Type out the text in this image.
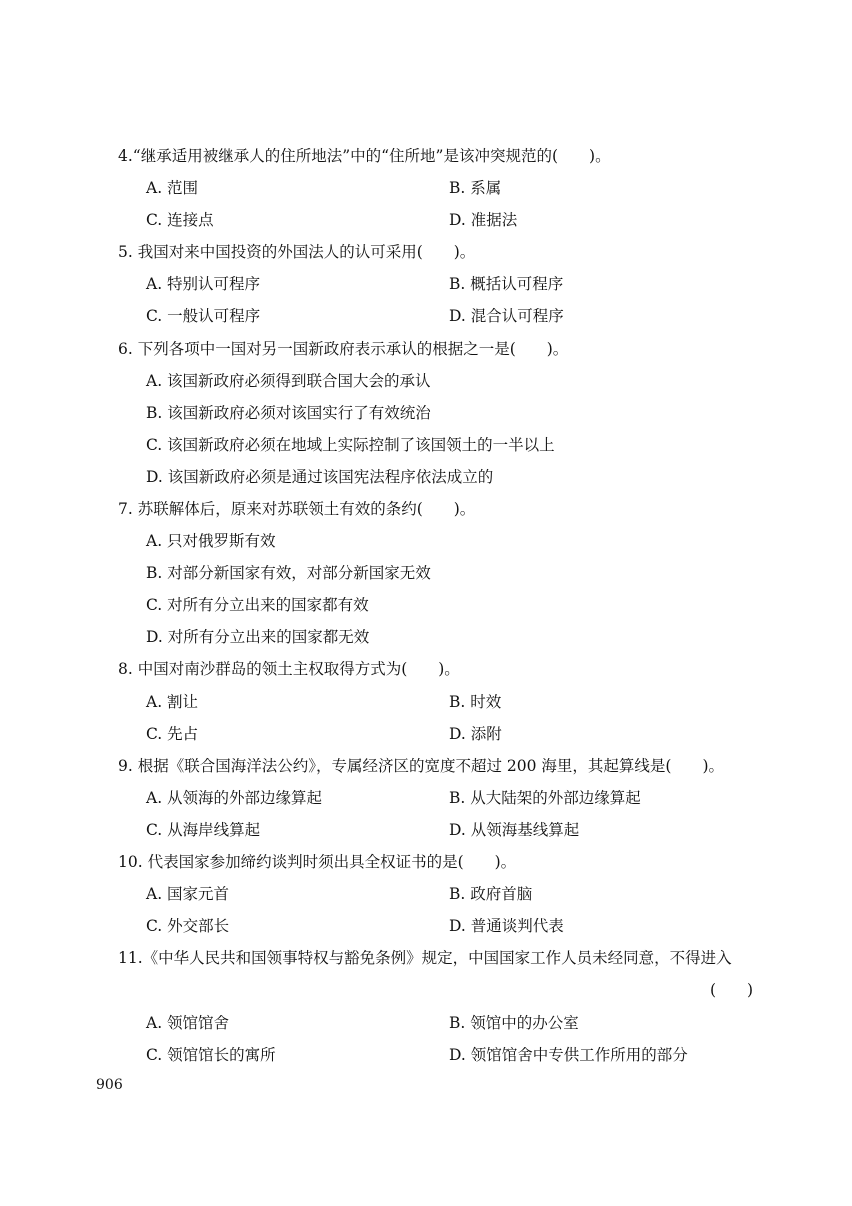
4.“继承适用被继承人的住所地法”中的“住所地”是该冲突规范的(　　)。
A. 范围	B. 系属
C. 连接点	D. 准据法
5. 我国对来中国投资的外国法人的认可采用(　　)。
A. 特别认可程序	B. 概括认可程序
C. 一般认可程序	D. 混合认可程序
6. 下列各项中一国对另一国新政府表示承认的根据之一是(　　)。
A. 该国新政府必须得到联合国大会的承认
B. 该国新政府必须对该国实行了有效统治
C. 该国新政府必须在地域上实际控制了该国领土的一半以上
D. 该国新政府必须是通过该国宪法程序依法成立的
7. 苏联解体后，原来对苏联领土有效的条约(　　)。
A. 只对俄罗斯有效
B. 对部分新国家有效，对部分新国家无效
C. 对所有分立出来的国家都有效
D. 对所有分立出来的国家都无效
8. 中国对南沙群岛的领土主权取得方式为(　　)。
A. 割让	B. 时效
C. 先占	D. 添附
9. 根据《联合国海洋法公约》，专属经济区的宽度不超过 200 海里，其起算线是(　　)。
A. 从领海的外部边缘算起	B. 从大陆架的外部边缘算起
C. 从海岸线算起	D. 从领海基线算起
10. 代表国家参加缔约谈判时须出具全权证书的是(　　)。
A. 国家元首	B. 政府首脑
C. 外交部长	D. 普通谈判代表
11.《中华人民共和国领事特权与豁免条例》规定，中国国家工作人员未经同意，不得进入
(　　)
A. 领馆馆舍	B. 领馆中的办公室
C. 领馆馆长的寓所	D. 领馆馆舍中专供工作所用的部分
906
